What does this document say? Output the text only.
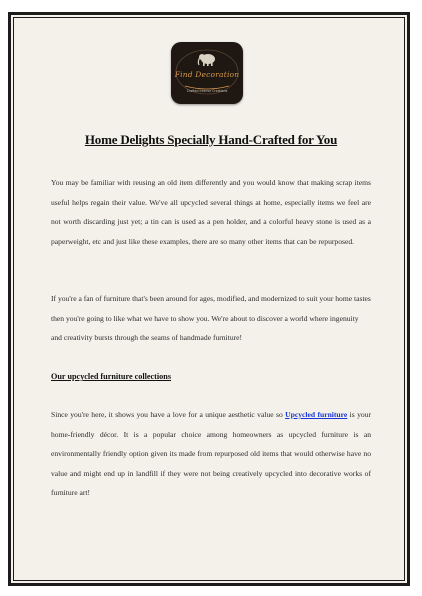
Find Decoration
Crafted Interior Creations
Home Delights Specially Hand-Crafted for You
You may be familiar with reusing an old item differently and you would know that making scrap items useful helps regain their value. We've all upcycled several things at home, especially items we feel are not worth discarding just yet; a tin can is used as a pen holder, and a colorful heavy stone is used as a paperweight, etc and just like these examples, there are so many other items that can be repurposed.
If you're a fan of furniture that's been around for ages, modified, and modernized to suit your home tastes then you're going to like what we have to show you. We're about to discover a world where ingenuity and creativity bursts through the seams of handmade furniture!
Our upcycled furniture collections
Since you're here, it shows you have a love for a unique aesthetic value so Upcycled furniture is your home-friendly décor. It is a popular choice among homeowners as upcycled furniture is an environmentally friendly option given its made from repurposed old items that would otherwise have no value and might end up in landfill if they were not being creatively upcycled into decorative works of furniture art!
